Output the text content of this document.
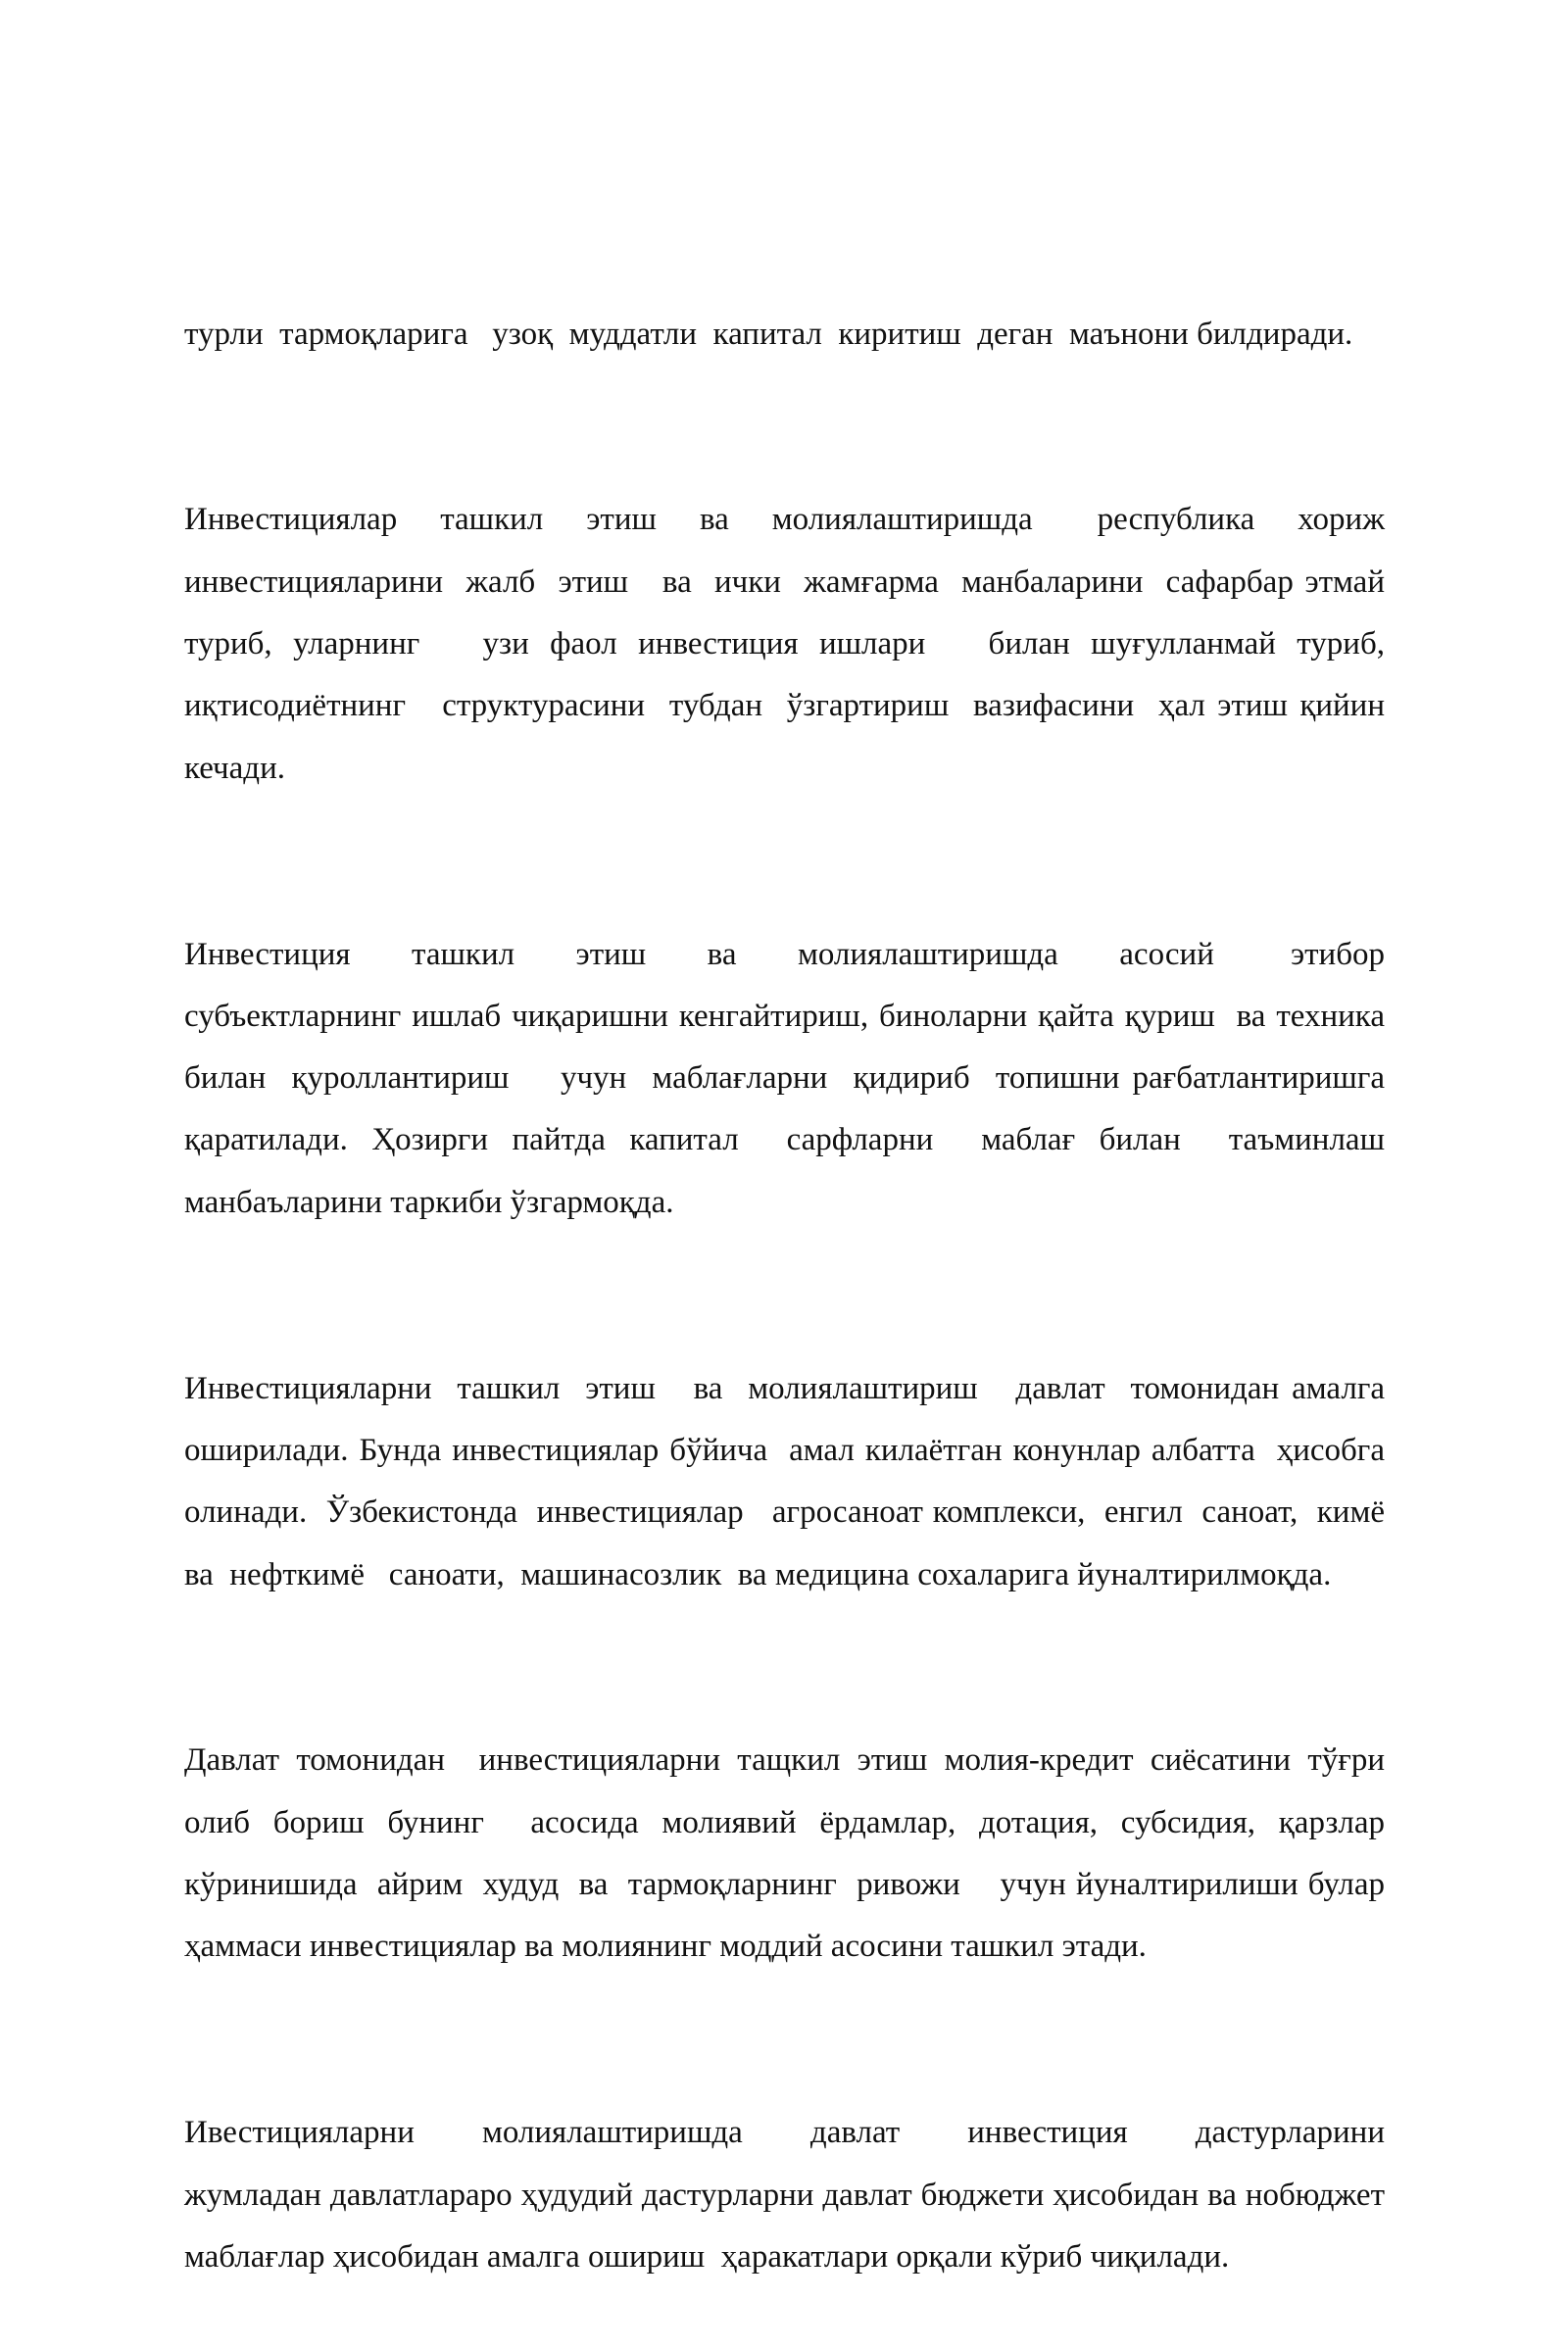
турли  тармоқларига   узоқ  муддатли  капитал  киритиш  деган  маънони билдиради.

Инвестициялар  ташкил  этиш  ва  молиялаштиришда   республика  хориж инвестицияларини  жалб  этиш   ва  ички  жамғарма  манбаларини  сафарбар этмай   туриб, уларнинг   узи фаол инвестиция ишлари   билан шуғулланмай туриб,  иқтисодиётнинг   структурасини  тубдан  ўзгартириш  вазифасини  ҳал этиш қийин кечади.

Инвестиция    ташкил    этиш    ва    молиялаштиришда    асосий     этибор субъектларнинг ишлаб чиқаришни кенгайтириш, биноларни қайта қуриш  ва техника  билан  қуроллантириш    учун  маблағларни  қидириб  топишни рағбатлантиришга қаратилади. Ҳозирги пайтда капитал  сарфларни  маблағ билан  таъминлаш манбаъларини таркиби ўзгармоқда.

Инвестицияларни  ташкил  этиш   ва  молиялаштириш   давлат  томонидан амалга  оширилади. Бунда инвестициялар бўйича  амал килаётган конунлар албатта  ҳисобга   олинади.  Ўзбекистонда  инвестициялар   агросаноат комплекси,  енгил  саноат,  кимё  ва  нефткимё   саноати,  машинасозлик  ва медицина сохаларига йуналтирилмоқда.

Давлат томонидан  инвестицияларни тащкил этиш молия-кредит сиёсатини тўғри олиб бориш бунинг  асосида молиявий ёрдамлар, дотация, субсидия, қарзлар  кўринишида  айрим  худуд  ва  тармоқларнинг  ривожи    учун йуналтирилиши булар ҳаммаси инвестициялар ва молиянинг моддий асосини ташкил этади.

Ивестицияларни    молиялаштиришда    давлат    инвестиция    дастурларини жумладан давлатлараро ҳудудий дастурларни давлат бюджети ҳисобидан ва нобюджет маблағлар ҳисобидан амалга ошириш  ҳаракатлари орқали кўриб чиқилади.
